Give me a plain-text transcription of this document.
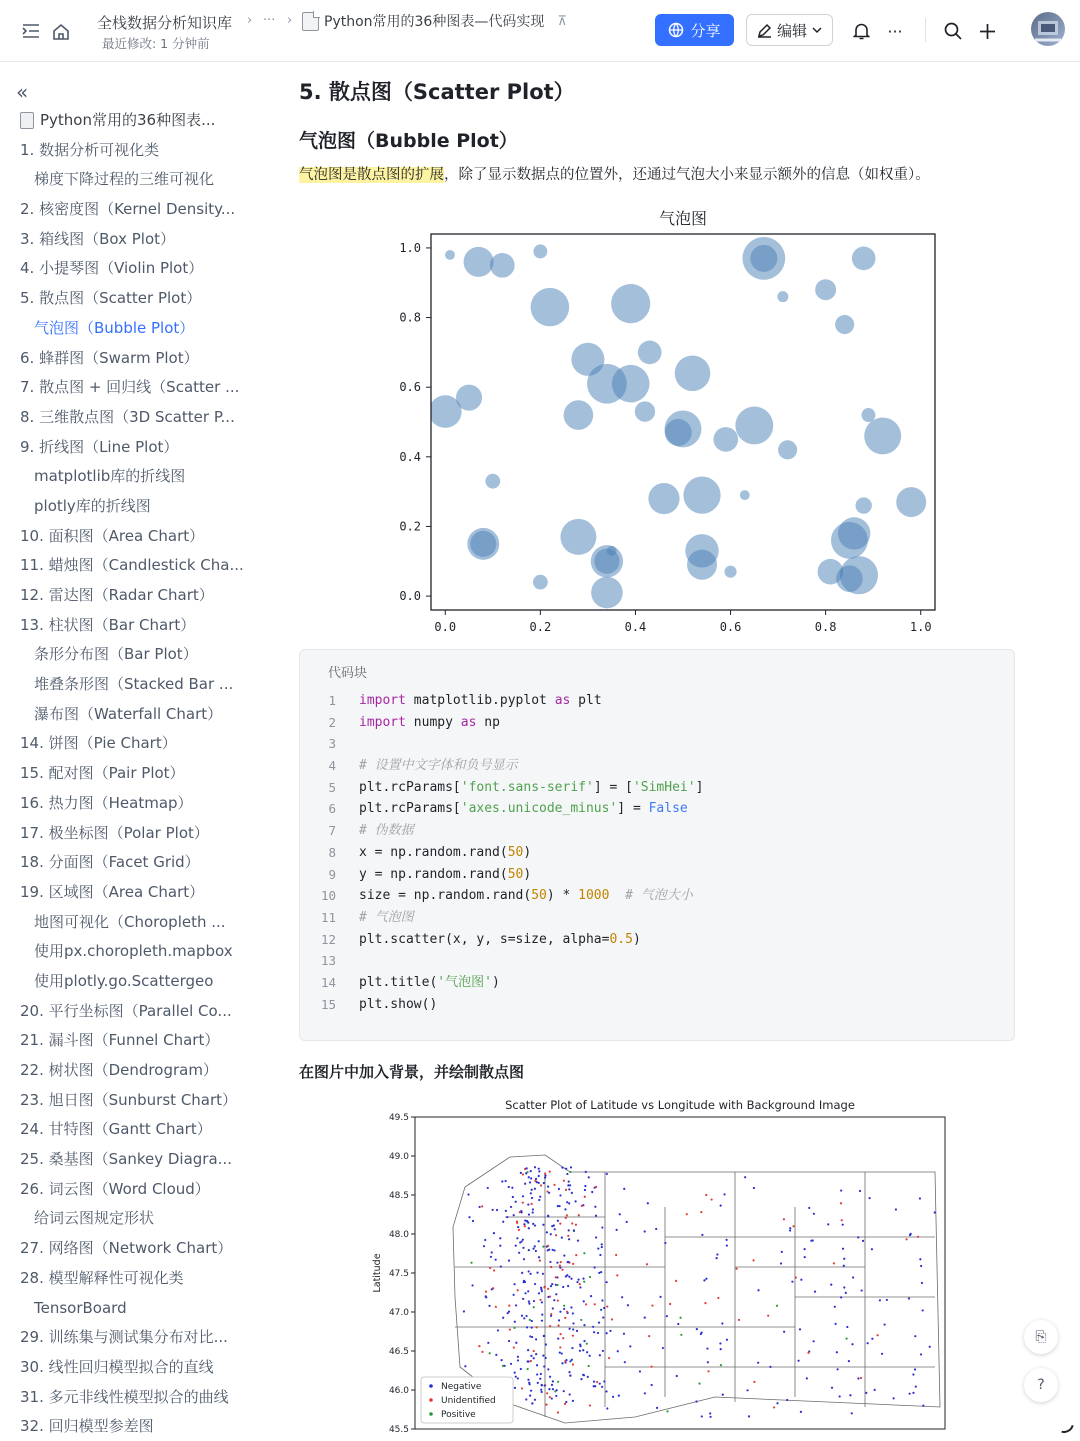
全栈数据分析知识库 › ··· ›
最近修改: 1 分钟前
Python常用的36种图表—代码实现 ⊼
分享	编辑	···
«
Python常用的36种图表...
1. 数据分析可视化类
梯度下降过程的三维可视化
2. 核密度图（Kernel Density...
3. 箱线图（Box Plot）
4. 小提琴图（Violin Plot）
5. 散点图（Scatter Plot）
气泡图（Bubble Plot）
6. 蜂群图（Swarm Plot）
7. 散点图 + 回归线（Scatter ...
8. 三维散点图（3D Scatter P...
9. 折线图（Line Plot）
matplotlib库的折线图
plotly库的折线图
10. 面积图（Area Chart）
11. 蜡烛图（Candlestick Cha...
12. 雷达图（Radar Chart）
13. 柱状图（Bar Chart）
条形分布图（Bar Plot）
堆叠条形图（Stacked Bar ...
瀑布图（Waterfall Chart）
14. 饼图（Pie Chart）
15. 配对图（Pair Plot）
16. 热力图（Heatmap）
17. 极坐标图（Polar Plot）
18. 分面图（Facet Grid）
19. 区域图（Area Chart）
地图可视化（Choropleth ...
使用px.choropleth.mapbox
使用plotly.go.Scattergeo
20. 平行坐标图（Parallel Co...
21. 漏斗图（Funnel Chart）
22. 树状图（Dendrogram）
23. 旭日图（Sunburst Chart）
24. 甘特图（Gantt Chart）
25. 桑基图（Sankey Diagra...
26. 词云图（Word Cloud）
给词云图规定形状
27. 网络图（Network Chart）
28. 模型解释性可视化类
TensorBoard
29. 训练集与测试集分布对比...
30. 线性回归模型拟合的直线
31. 多元非线性模型拟合的曲线
32. 回归模型参差图
5. 散点图（Scatter Plot）
气泡图（Bubble Plot）
气泡图是散点图的扩展，除了显示数据点的位置外，还通过气泡大小来显示额外的信息（如权重）。
气泡图
0.0	0.2	0.4	0.6	0.8	1.0
0.0
0.2
0.4
0.6
0.8
1.0
代码块
1 import matplotlib.pyplot as plt
2 import numpy as np
3
4 # 设置中文字体和负号显示
5 plt.rcParams['font.sans-serif'] = ['SimHei']
6 plt.rcParams['axes.unicode_minus'] = False
7 # 伪数据
8 x = np.random.rand(50)
9 y = np.random.rand(50)
10 size = np.random.rand(50) * 1000 # 气泡大小
11 # 气泡图
12 plt.scatter(x, y, s=size, alpha=0.5)
13
14 plt.title('气泡图')
15 plt.show()
在图片中加入背景，并绘制散点图
Scatter Plot of Latitude vs Longitude with Background Image
49.5
49.0
48.5
48.0
47.5
47.0
46.5
46.0
45.5
Latitude
Negative
Unidentified
Positive
⎘
?
